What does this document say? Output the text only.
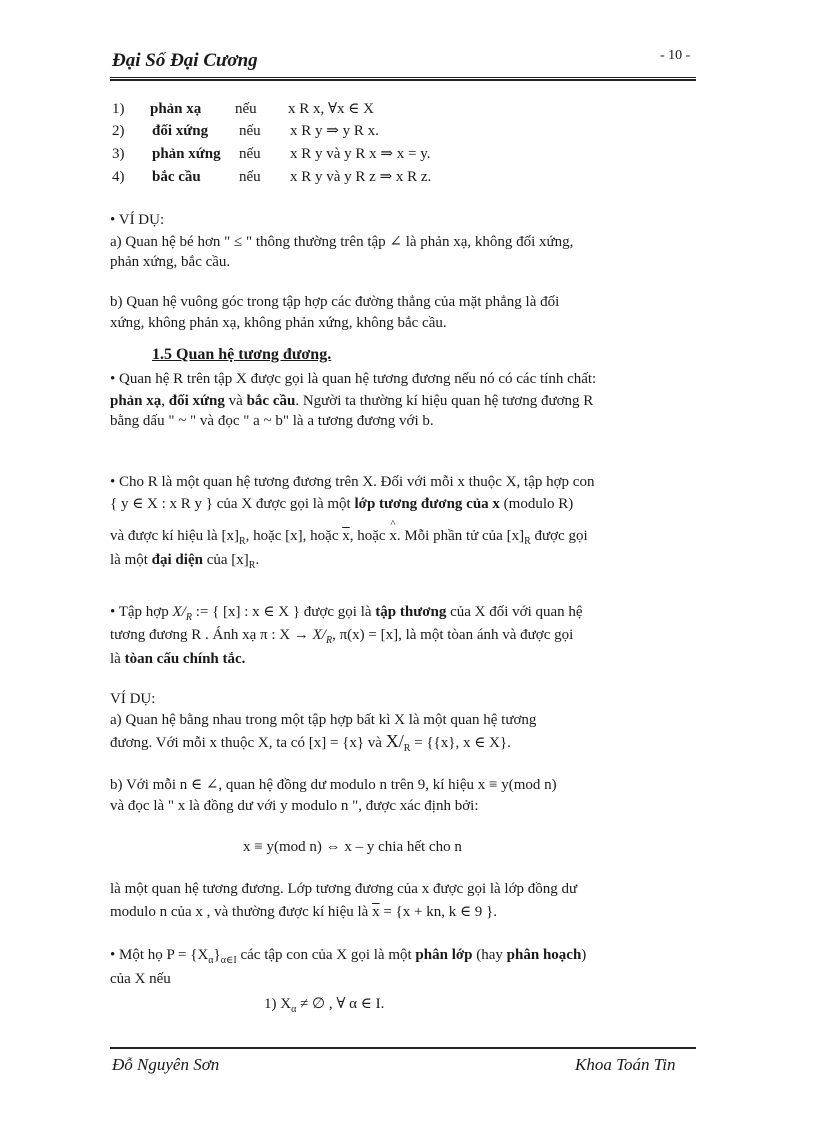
Đại Số Đại Cương	- 10 -
1) phản xạ nếu x R x, ∀x ∈ X
2) đối xứng nếu x R y ⇒ y R x.
3) phản xứng nếu x R y và y R x ⇒ x = y.
4) bắc cầu	nếu x R y và y R z ⇒ x R z.
• VÍ DỤ:
a) Quan hệ bé hơn " ≤ " thông thường trên tập ∠ là phản xạ, không đối xứng,
phản xứng, bắc cầu.
b) Quan hệ vuông góc trong tập hợp các đường thẳng của mặt phẳng là đối
xứng, không phản xạ, không phản xứng, không bắc cầu.
1.5 Quan hệ tương đương.
• Quan hệ R trên tập X được gọi là quan hệ tương đương nếu nó có các tính chất:
phản xạ, đối xứng và bắc cầu. Người ta thường kí hiệu quan hệ tương đương R
bằng dấu " ~ " và đọc " a ~ b" là a tương đương với b.
• Cho R là một quan hệ tương đương trên X. Đối với mỗi x thuộc X, tập hợp con
{ y ∈ X : x R y } của X được gọi là một lớp tương đương của x (modulo R)
và được kí hiệu là $[x]_R$, hoặc [x], hoặc $\overline{x}$, hoặc
^
x. Mỗi phần tử của $[x]_R$ được gọi
là một đại diện của $[x]_R$.
• Tập hợp $X/_R$ := { [x] : x ∈ X } được gọi là tập thương của X đối với quan hệ
tương đương R . Ánh xạ π : $X \to X/_R$, π(x) = [x], là một tòan ánh và được gọi
là tòan cấu chính tắc.
VÍ DỤ:
a) Quan hệ bằng nhau trong một tập hợp bất kì X là một quan hệ tương
đương. Với mỗi x thuộc X, ta có [x] = {x} và $X/_R = \{\{x\}$, x ∈ X}.
b) Với mỗi n ∈ ∠, quan hệ đồng dư modulo n trên 9, kí hiệu x ≡ y(mod n)
và đọc là " x là đồng dư với y modulo n ", được xác định bởi:
x ≡ y(mod n) ⇔ x – y chia hết cho n
là một quan hệ tương đương. Lớp tương đương của x được gọi là lớp đồng dư
modulo n của x , và thường được kí hiệu là $\overline{x} = \{x$ + kn, k ∈ 9 }.
• Một họ $P = \{X_\alpha\}_{\alpha\in I}$ các tập con của X gọi là một phân lớp (hay phân hoạch)
của X nếu
1) $X_\alpha$ ≠ ∅ , ∀ α ∈ I.
Đỗ Nguyên Sơn	Khoa Toán Tin
